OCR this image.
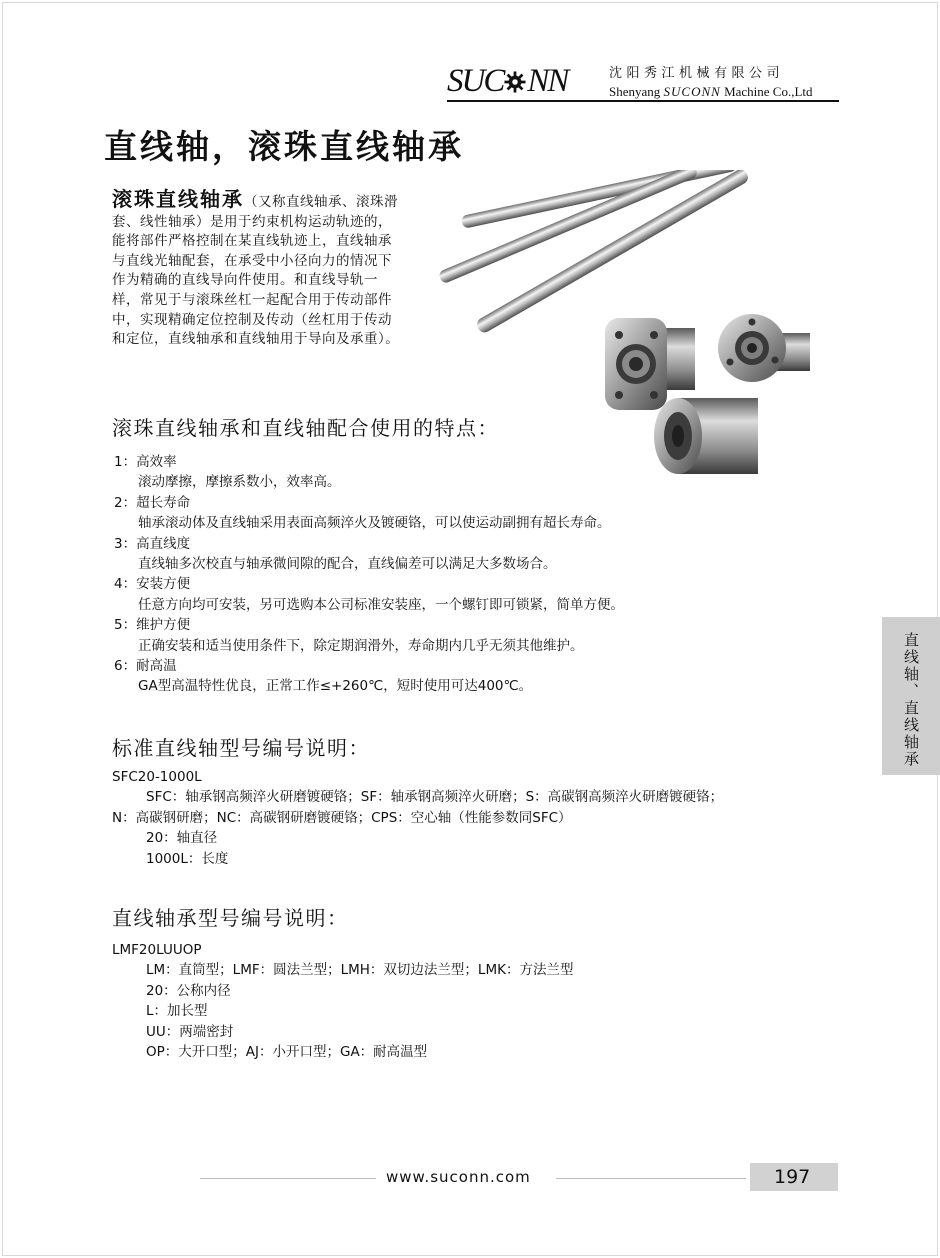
SUC NN	沈阳秀江机械有限公司
Shenyang SUCONN Machine Co.,Ltd
直线轴，滚珠直线轴承

滚珠直线轴承（又称直线轴承、滚珠滑套、线性轴承）是用于约束机构运动轨迹的，能将部件严格控制在某直线轨迹上，直线轴承与直线光轴配套，在承受中小径向力的情况下作为精确的直线导向件使用。和直线导轨一样，常见于与滚珠丝杠一起配合用于传动部件中，实现精确定位控制及传动（丝杠用于传动和定位，直线轴承和直线轴用于导向及承重）。

滚珠直线轴承和直线轴配合使用的特点：
1：高效率
滚动摩擦，摩擦系数小，效率高。
2：超长寿命
轴承滚动体及直线轴采用表面高频淬火及镀硬铬，可以使运动副拥有超长寿命。
3：高直线度
直线轴多次校直与轴承微间隙的配合，直线偏差可以满足大多数场合。
4：安装方便
任意方向均可安装，另可选购本公司标准安装座，一个螺钉即可锁紧，简单方便。
5：维护方便
正确安装和适当使用条件下，除定期润滑外，寿命期内几乎无须其他维护。
6：耐高温
GA型高温特性优良，正常工作≤+260℃，短时使用可达400℃。
标准直线轴型号编号说明：
SFC20-1000L
SFC：轴承钢高频淬火研磨镀硬铬；SF：轴承钢高频淬火研磨；S：高碳钢高频淬火研磨镀硬铬；
N：高碳钢研磨；NC：高碳钢研磨镀硬铬；CPS：空心轴（性能参数同SFC）
20：轴直径
1000L：长度
直线轴承型号编号说明：
LMF20LUUOP
LM：直筒型；LMF：圆法兰型；LMH：双切边法兰型；LMK：方法兰型
20：公称内径
L：加长型
UU：两端密封
OP：大开口型；AJ：小开口型；GA：耐高温型
直线轴、直线轴承
www.suconn.com	197
